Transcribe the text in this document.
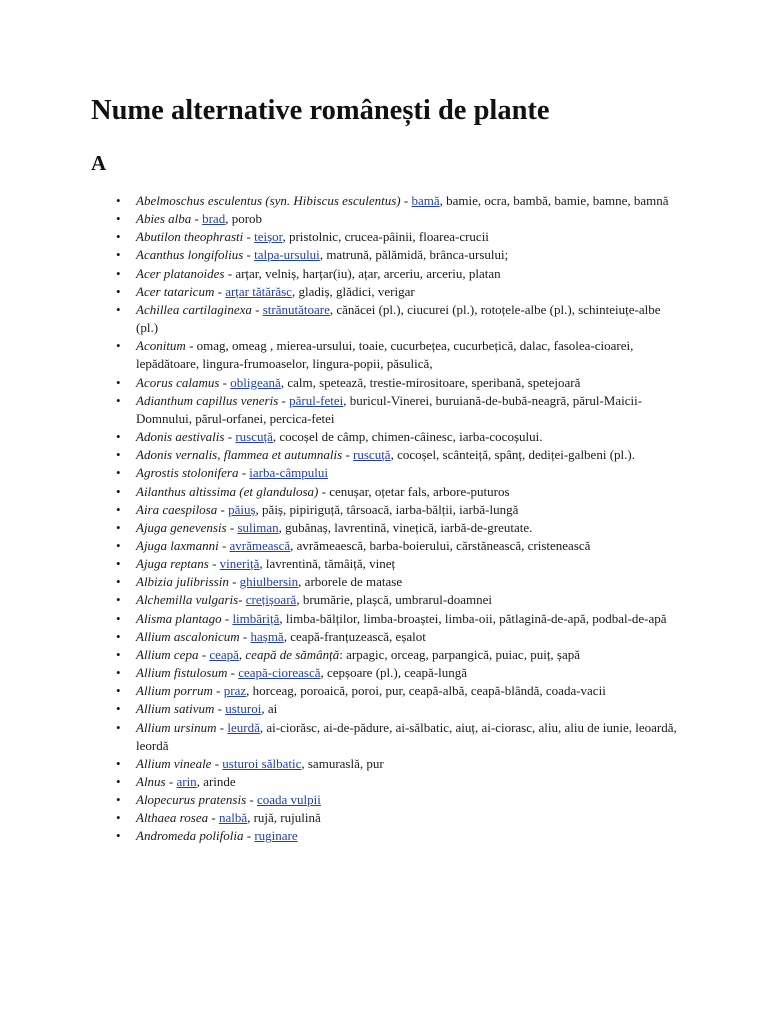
Nume alternative românești de plante
A
• Abelmoschus esculentus (syn. Hibiscus esculentus) - bamă, bamie, ocra, bambă, bamie, bamne, bamnă
• Abies alba - brad, porob
• Abutilon theophrasti - teișor, pristolnic, crucea-pâinii, floarea-crucii
• Acanthus longifolius - talpa-ursului, matrună, pălămidă, brânca-ursului;
• Acer platanoides - arțar, velniș, harțar(iu), ațar, arceriu, arceriu, platan
• Acer tataricum - arțar tătărăsc, gladiș, glădici, verigar
• Achillea cartilaginexa - strănutătoare, cănăcei (pl.), ciucurei (pl.), rotoțele-albe (pl.), schinteiuțe-albe (pl.)
• Aconitum - omag, omeag , mierea-ursului, toaie, cucurbețea, cucurbețică, dalac, fasolea-cioarei, lepădătoare, lingura-frumoaselor, lingura-popii, păsulică,
• Acorus calamus - obligeană, calm, spetează, trestie-mirositoare, speribană, spetejoară
• Adianthum capillus veneris - părul-fetei, buricul-Vinerei, buruiană-de-bubă-neagră, părul-Maicii-Domnului, părul-orfanei, percica-fetei
• Adonis aestivalis - ruscuță, cocoșel de câmp, chimen-câinesc, iarba-cocoșului.
• Adonis vernalis, flammea et autumnalis - ruscuță, cocoșel, scânteiță, spânț, dediței-galbeni (pl.).
• Agrostis stolonifera - iarba-câmpului
• Ailanthus altissima (et glandulosa) - cenușar, oțetar fals, arbore-puturos
• Aira caespilosa - păiuș, păiș, pipiriguță, târsoacă, iarba-bălții, iarbă-lungă
• Ajuga genevensis - suliman, gubănaș, lavrentină, vinețică, iarbă-de-greutate.
• Ajuga laxmanni - avrămească, avrămeaescă, barba-boierului, cărstănească, cristenească
• Ajuga reptans - vineriță, lavrentină, tămâiță, vineț
• Albizia julibrissin - ghiulbersin, arborele de matase
• Alchemilla vulgaris- crețișoară, brumărie, plașcă, umbrarul-doamnei
• Alisma plantago - limbăriță, limba-bălților, limba-broaștei, limba-oii, pătlagină-de-apă, podbal-de-apă
• Allium ascalonicum - hașmă, ceapă-franțuzească, eșalot
• Allium cepa - ceapă, ceapă de sămânță: arpagic, orceag, parpangică, puiac, puiț, șapă
• Allium fistulosum - ceapă-ciorească, cepșoare (pl.), ceapă-lungă
• Allium porrum - praz, horceag, poroaică, poroi, pur, ceapă-albă, ceapă-blândă, coada-vacii
• Allium sativum - usturoi, ai
• Allium ursinum - leurdă, ai-ciorăsc, ai-de-pădure, ai-sălbatic, aiuț, ai-ciorasc, aliu, aliu de iunie, leoardă, leordă
• Allium vineale - usturoi sălbatic, samuraslă, pur
• Alnus - arin, arinde
• Alopecurus pratensis - coada vulpii
• Althaea rosea - nalbă, rujă, rujulină
• Andromeda polifolia - ruginare
